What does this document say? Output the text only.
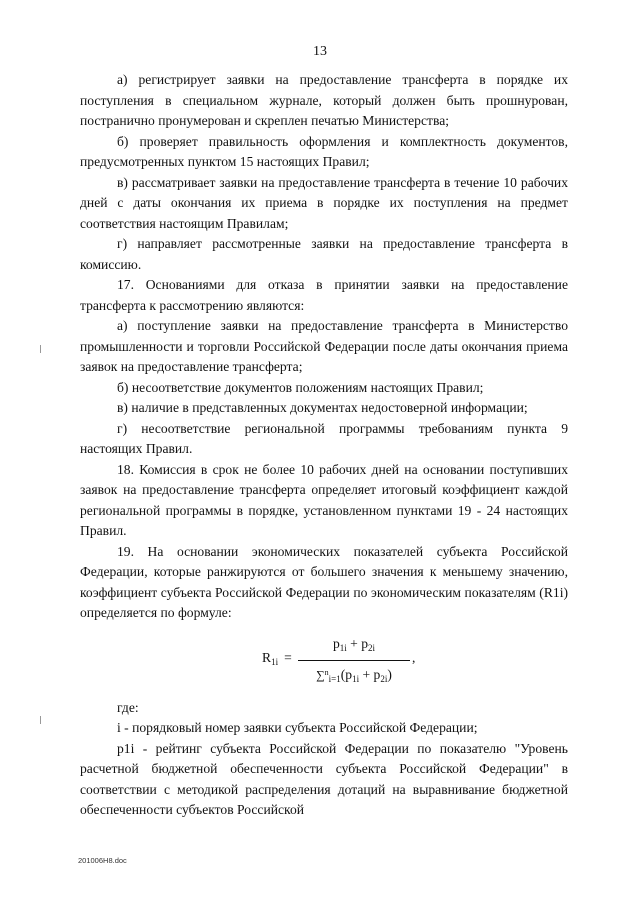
13

а) регистрирует заявки на предоставление трансферта в порядке их поступления в специальном журнале, который должен быть прошнурован, постранично пронумерован и скреплен печатью Министерства;

б) проверяет правильность оформления и комплектность документов, предусмотренных пунктом 15 настоящих Правил;

в) рассматривает заявки на предоставление трансферта в течение 10 рабочих дней с даты окончания их приема в порядке их поступления на предмет соответствия настоящим Правилам;

г) направляет рассмотренные заявки на предоставление трансферта в комиссию.

17. Основаниями для отказа в принятии заявки на предоставление трансферта к рассмотрению являются:

а) поступление заявки на предоставление трансферта в Министерство промышленности и торговли Российской Федерации после даты окончания приема заявок на предоставление трансферта;

б) несоответствие документов положениям настоящих Правил;

в) наличие в представленных документах недостоверной информации;

г) несоответствие региональной программы требованиям пункта 9 настоящих Правил.

18. Комиссия в срок не более 10 рабочих дней на основании поступивших заявок на предоставление трансферта определяет итоговый коэффициент каждой региональной программы в порядке, установленном пунктами 19 - 24 настоящих Правил.

19. На основании экономических показателей субъекта Российской Федерации, которые ранжируются от большего значения к меньшему значению, коэффициент субъекта Российской Федерации по экономическим показателям (R1i) определяется по формуле:

$R_{1i} = \frac{p_{1i} + p_{2i}}{\sum^n_{i=1}(p_{1i} + p_{2i})}$ ,

где:

i - порядковый номер заявки субъекта Российской Федерации;

p1i - рейтинг субъекта Российской Федерации по показателю "Уровень расчетной бюджетной обеспеченности субъекта Российской Федерации" в соответствии с методикой распределения дотаций на выравнивание бюджетной обеспеченности субъектов Российской

201006H8.doc
